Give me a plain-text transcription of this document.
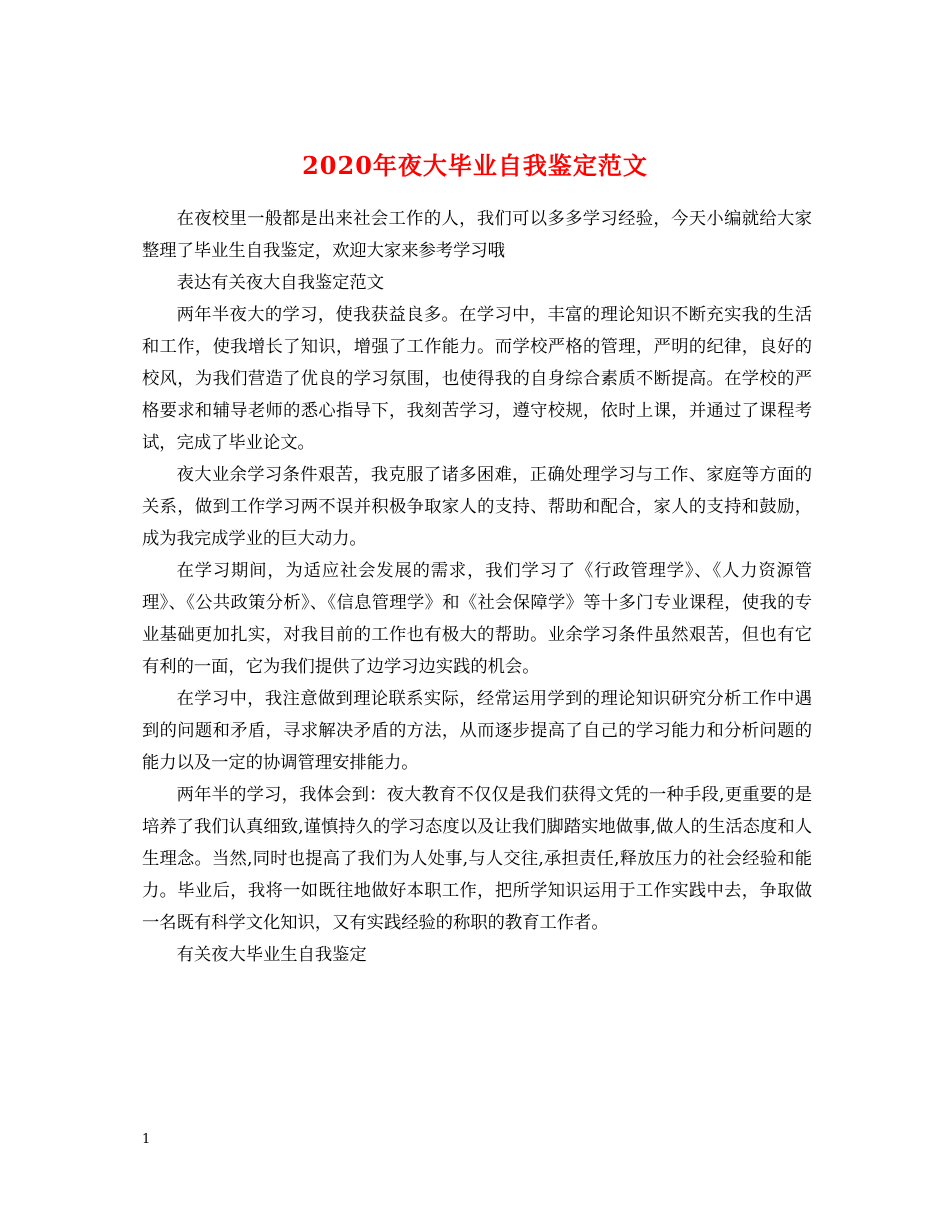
2020年夜大毕业自我鉴定范文

在夜校里一般都是出来社会工作的人，我们可以多多学习经验，今天小编就给大家整理了毕业生自我鉴定，欢迎大家来参考学习哦

表达有关夜大自我鉴定范文

两年半夜大的学习，使我获益良多。在学习中，丰富的理论知识不断充实我的生活和工作，使我增长了知识，增强了工作能力。而学校严格的管理，严明的纪律，良好的校风，为我们营造了优良的学习氛围，也使得我的自身综合素质不断提高。在学校的严格要求和辅导老师的悉心指导下，我刻苦学习，遵守校规，依时上课，并通过了课程考试，完成了毕业论文。

夜大业余学习条件艰苦，我克服了诸多困难，正确处理学习与工作、家庭等方面的关系，做到工作学习两不误并积极争取家人的支持、帮助和配合，家人的支持和鼓励，成为我完成学业的巨大动力。

在学习期间，为适应社会发展的需求，我们学习了《行政管理学》、《人力资源管理》、《公共政策分析》、《信息管理学》和《社会保障学》等十多门专业课程，使我的专业基础更加扎实，对我目前的工作也有极大的帮助。业余学习条件虽然艰苦，但也有它有利的一面，它为我们提供了边学习边实践的机会。

在学习中，我注意做到理论联系实际，经常运用学到的理论知识研究分析工作中遇到的问题和矛盾，寻求解决矛盾的方法，从而逐步提高了自己的学习能力和分析问题的能力以及一定的协调管理安排能力。

两年半的学习，我体会到：夜大教育不仅仅是我们获得文凭的一种手段,更重要的是培养了我们认真细致,谨慎持久的学习态度以及让我们脚踏实地做事,做人的生活态度和人生理念。当然,同时也提高了我们为人处事,与人交往,承担责任,释放压力的社会经验和能力。毕业后，我将一如既往地做好本职工作，把所学知识运用于工作实践中去，争取做一名既有科学文化知识，又有实践经验的称职的教育工作者。

有关夜大毕业生自我鉴定

1
